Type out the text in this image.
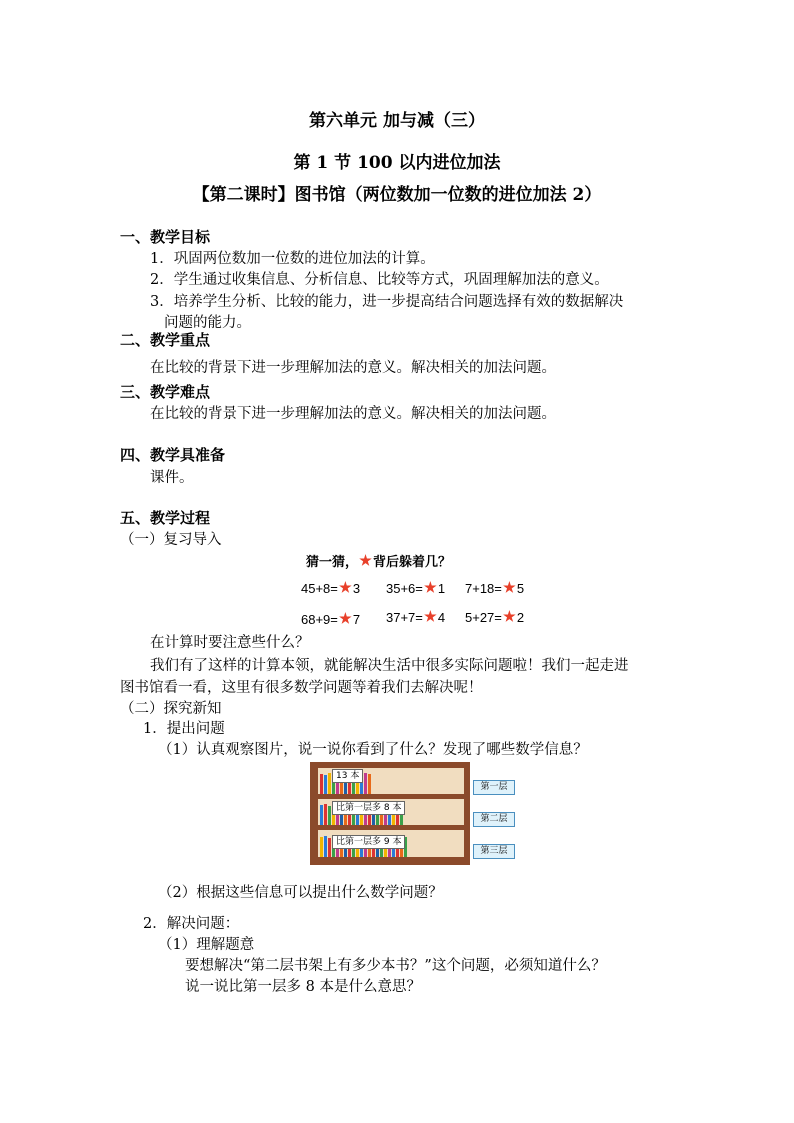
第六单元 加与减（三）
第 1 节 100 以内进位加法
【第二课时】图书馆（两位数加一位数的进位加法 2）
一、教学目标
1．巩固两位数加一位数的进位加法的计算。
2．学生通过收集信息、分析信息、比较等方式，巩固理解加法的意义。
3．培养学生分析、比较的能力，进一步提高结合问题选择有效的数据解决
问题的能力。
二、教学重点
在比较的背景下进一步理解加法的意义。解决相关的加法问题。
三、教学难点
在比较的背景下进一步理解加法的意义。解决相关的加法问题。
四、教学具准备
课件。
五、教学过程
（一）复习导入
猜一猜， 背后躲着几？
45+8= 3 35+6= 1 7+18= 5
68+9= 7 37+7= 4 5+27= 2
在计算时要注意些什么？
我们有了这样的计算本领，就能解决生活中很多实际问题啦！我们一起走进
图书馆看一看，这里有很多数学问题等着我们去解决呢！
（二）探究新知
1．提出问题
（1）认真观察图片，说一说你看到了什么？发现了哪些数学信息？
13 本
比第一层多 8 本
比第一层多 9 本
第一层
第二层
第三层
（2）根据这些信息可以提出什么数学问题？
2．解决问题：
（1）理解题意
要想解决“第二层书架上有多少本书？”这个问题，必须知道什么？
说一说比第一层多 8 本是什么意思？
